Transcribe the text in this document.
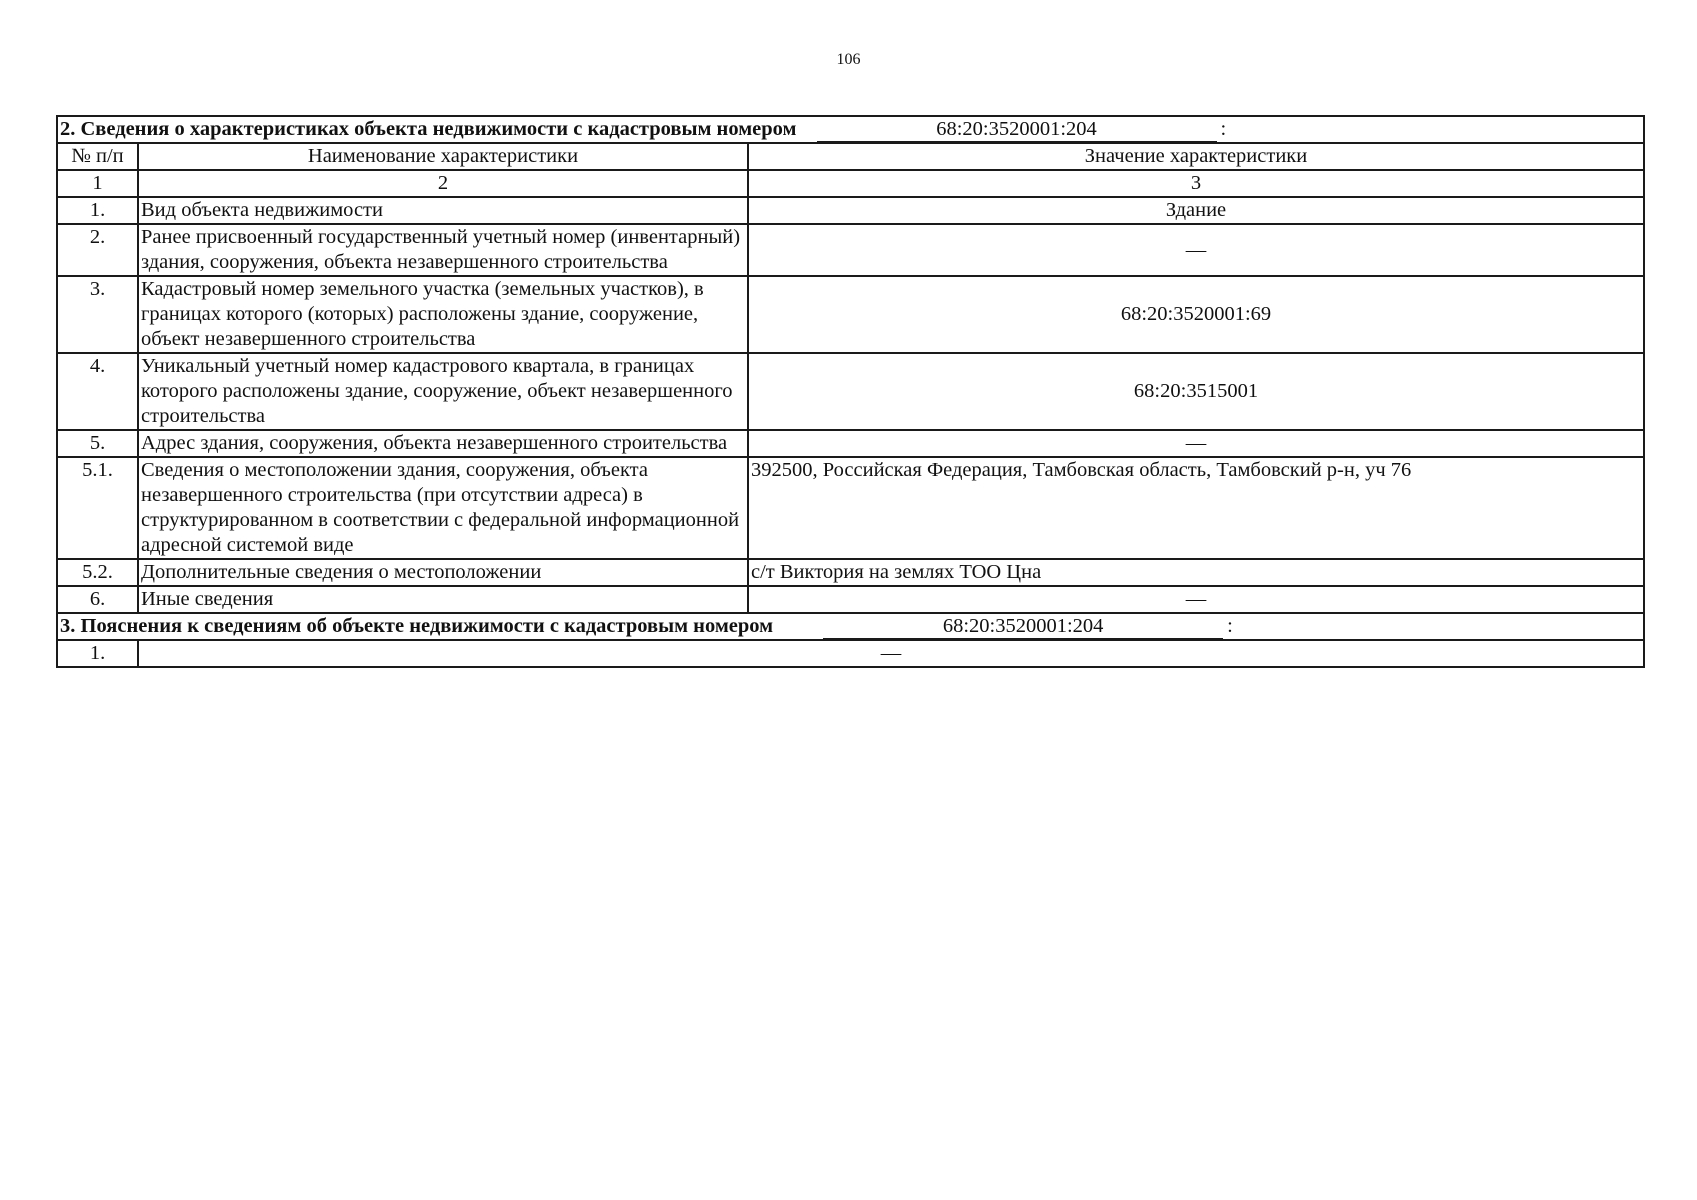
106
2. Сведения о характеристиках объекта недвижимости с кадастровым номером 68:20:3520001:204 :		
№ п/п	Наименование характеристики	Значение характеристики
1	2	3
1.	Вид объекта недвижимости	Здание
2.	Ранее присвоенный государственный учетный номер (инвентарный) здания, сооружения, объекта незавершенного строительства	—
3.	Кадастровый номер земельного участка (земельных участков), в границах которого (которых) расположены здание, сооружение, объект незавершенного строительства	68:20:3520001:69
4.	Уникальный учетный номер кадастрового квартала, в границах которого расположены здание, сооружение, объект незавершенного строительства	68:20:3515001
5.	Адрес здания, сооружения, объекта незавершенного строительства	—
5.1.	Сведения о местоположении здания, сооружения, объекта незавершенного строительства (при отсутствии адреса) в структурированном в соответствии с федеральной информационной адресной системой виде	392500, Российская Федерация, Тамбовская область, Тамбовский р-н, уч 76
5.2.	Дополнительные сведения о местоположении	с/т Виктория на землях ТОО Цна
6.	Иные сведения	—
3. Пояснения к сведениям об объекте недвижимости с кадастровым номером 68:20:3520001:204 :		
1.	—	
